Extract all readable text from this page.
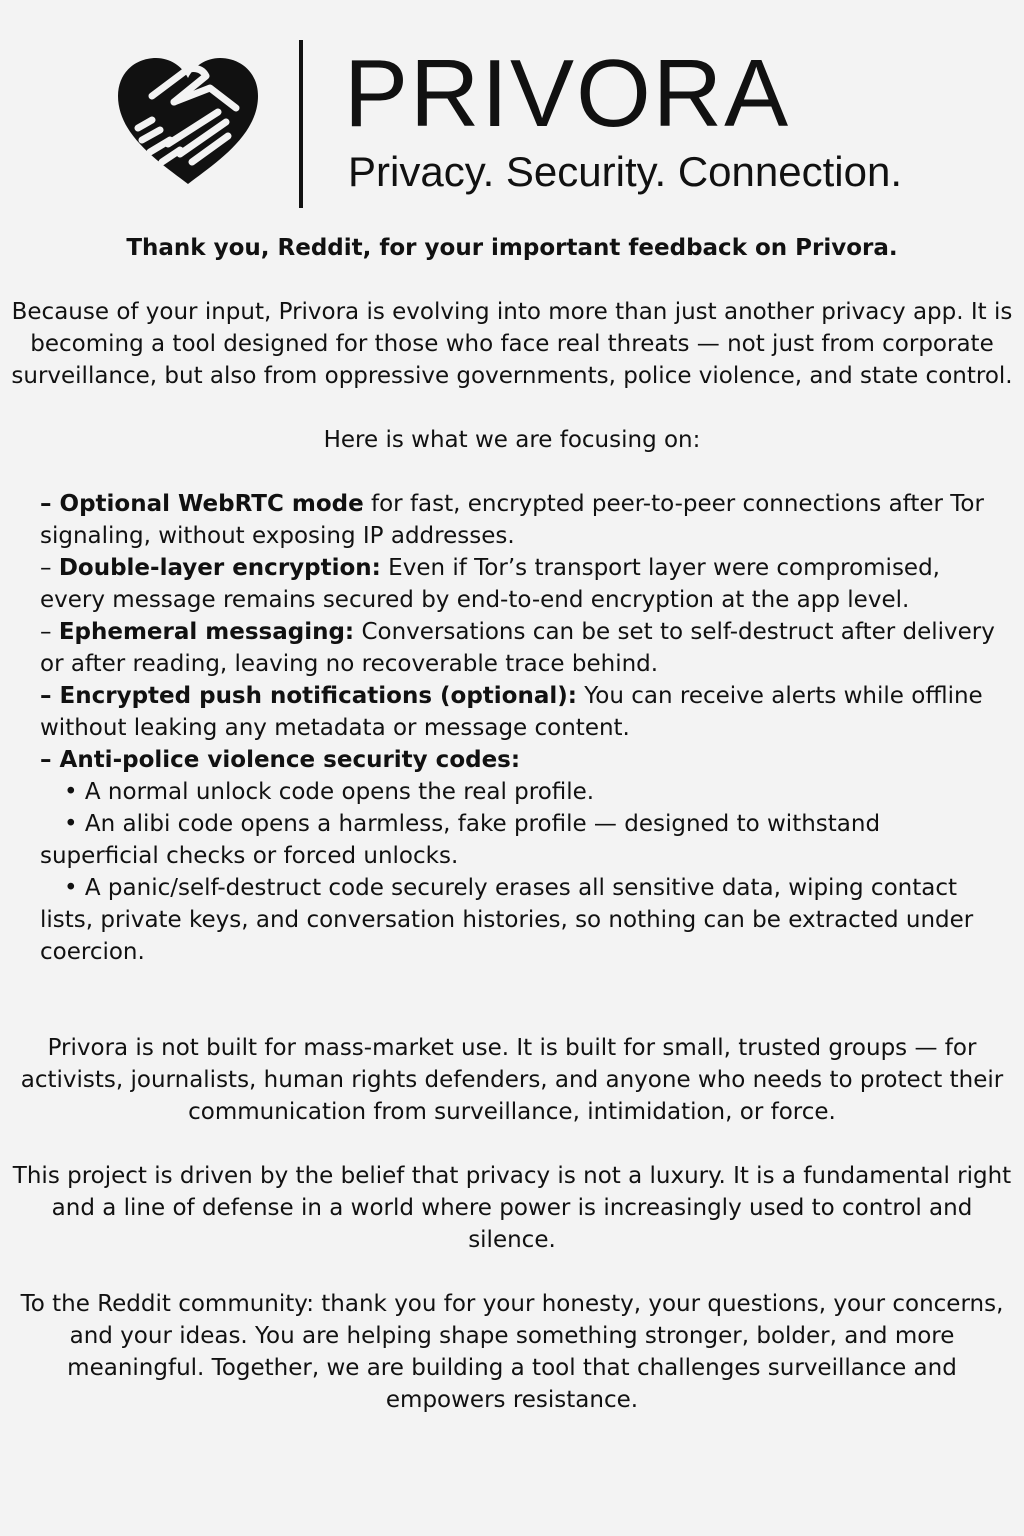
PRIVORA
Privacy. Security. Connection.

Thank you, Reddit, for your important feedback on Privora.

Because of your input, Privora is evolving into more than just another privacy app. It is becoming a tool designed for those who face real threats — not just from corporate surveillance, but also from oppressive governments, police violence, and state control.

Here is what we are focusing on:

– Optional WebRTC mode for fast, encrypted peer-to-peer connections after Tor signaling, without exposing IP addresses.
– Double-layer encryption: Even if Tor’s transport layer were compromised, every message remains secured by end-to-end encryption at the app level.
– Ephemeral messaging: Conversations can be set to self-destruct after delivery or after reading, leaving no recoverable trace behind.
– Encrypted push notifications (optional): You can receive alerts while offline without leaking any metadata or message content.
– Anti-police violence security codes:
• A normal unlock code opens the real profile.
• An alibi code opens a harmless, fake profile — designed to withstand superficial checks or forced unlocks.
• A panic/self-destruct code securely erases all sensitive data, wiping contact lists, private keys, and conversation histories, so nothing can be extracted under coercion.

Privora is not built for mass-market use. It is built for small, trusted groups — for activists, journalists, human rights defenders, and anyone who needs to protect their communication from surveillance, intimidation, or force.

This project is driven by the belief that privacy is not a luxury. It is a fundamental right and a line of defense in a world where power is increasingly used to control and silence.

To the Reddit community: thank you for your honesty, your questions, your concerns, and your ideas. You are helping shape something stronger, bolder, and more meaningful. Together, we are building a tool that challenges surveillance and empowers resistance.
